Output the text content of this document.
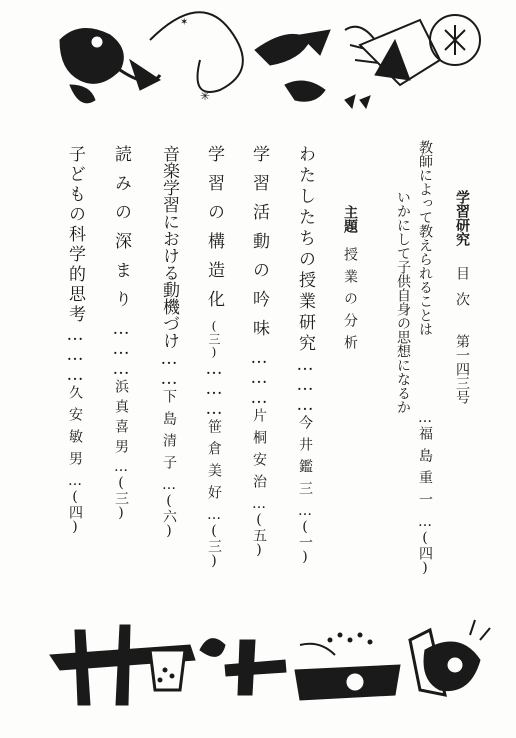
✳
✶
学習研究目次第一四三号
教師によって教えられることは
いかにして子供自身の思想になるか
…福島重一…(四)
主題授業の分析
わたしたちの授業研究………今井鑑三…(一)
学習活動の吟味………片桐安治…(五)
学習の構造化(三)………笹倉美好…(三)
音楽学習における動機づけ……下島清子…(六)
読みの深まり………浜真喜男…(三)
子どもの科学的思考………久安敏男…(四)
